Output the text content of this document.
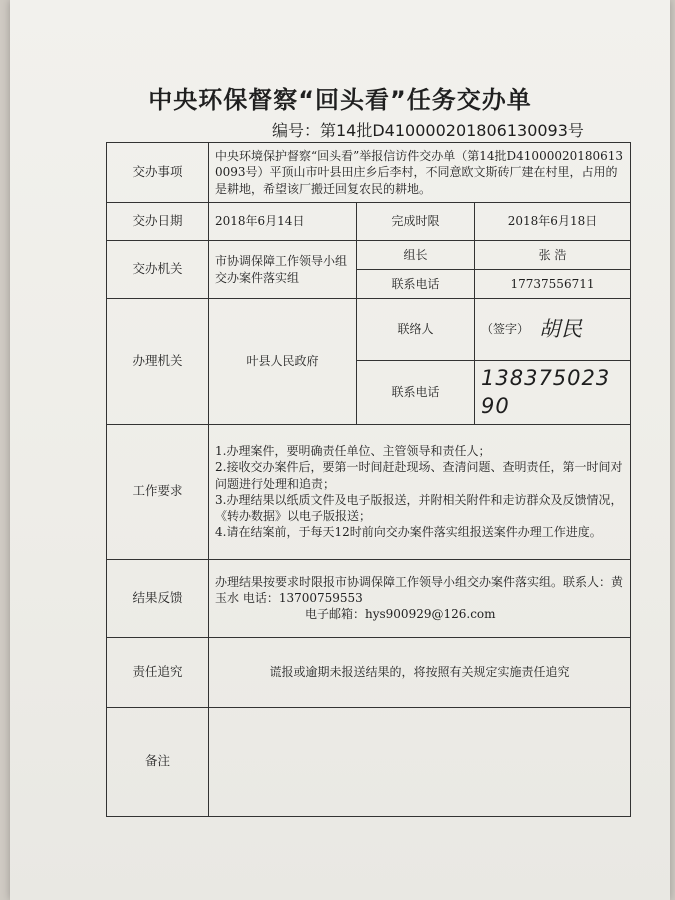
中央环保督察“回头看”任务交办单
编号：第14批D410000201806130093号
交办事项	中央环境保护督察“回头看”举报信访件交办单（第14批D410000201806130093号）平顶山市叶县田庄乡后李村，不同意欧文斯砖厂建在村里，占用的是耕地，希望该厂搬迁回复农民的耕地。		
交办日期	2018年6月14日	完成时限	2018年6月18日
交办机关	市协调保障工作领导小组交办案件落实组	组长	张 浩
		联系电话	17737556711
办理机关	叶县人民政府	联络人	（签字） 胡民

		联系电话	13837502390
工作要求	1.办理案件，要明确责任单位、主管领导和责任人；
2.接收交办案件后，要第一时间赶赴现场、查清问题、查明责任，第一时间对问题进行处理和追责；
3.办理结果以纸质文件及电子版报送，并附相关附件和走访群众及反馈情况，《转办数据》以电子版报送；
4.请在结案前，于每天12时前向交办案件落实组报送案件办理工作进度。		

结果反馈	办理结果按要求时限报市协调保障工作领导小组交办案件落实组。联系人：黄玉水 电话：13700759553
电子邮箱：hys900929@126.com		

责任追究	谎报或逾期未报送结果的，将按照有关规定实施责任追究		
备注			
